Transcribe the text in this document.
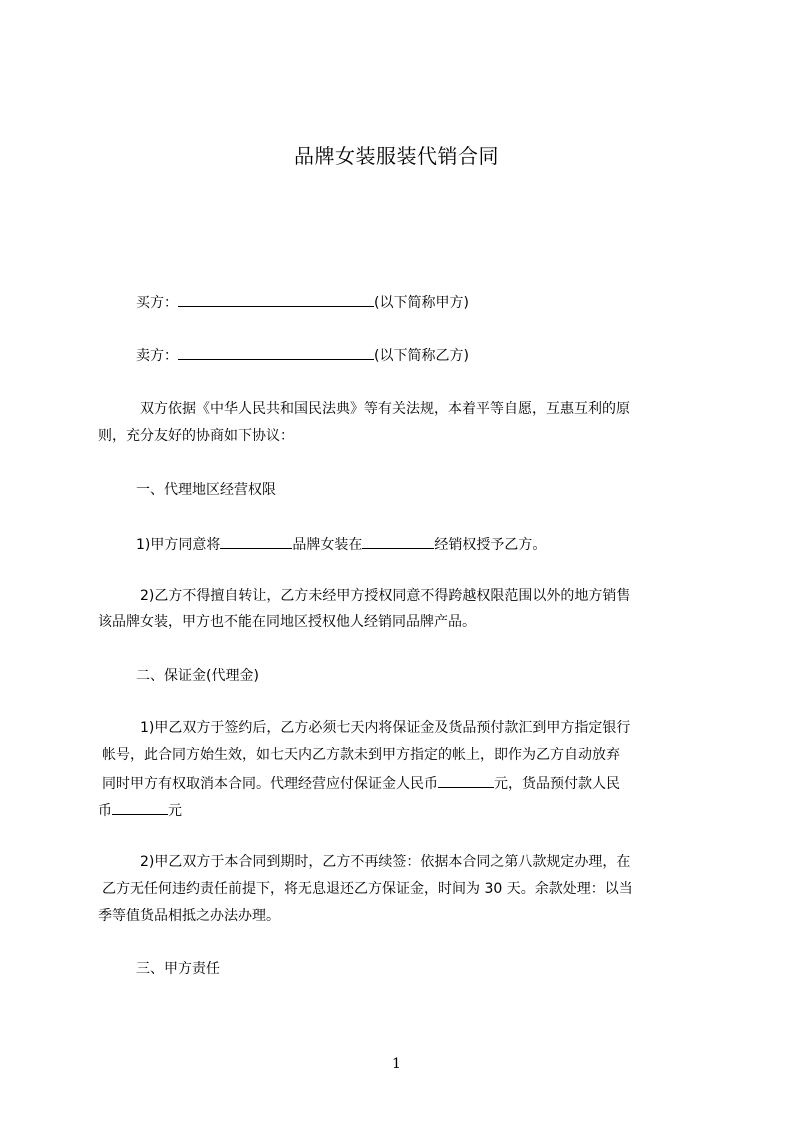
品牌女装服装代销合同
买方：	(以下简称甲方)
卖方：	(以下简称乙方)
双方依据《中华人民共和国民法典》等有关法规，本着平等自愿，互惠互利的原
则，充分友好的协商如下协议：
一、代理地区经营权限
1)甲方同意将	品牌女装在	经销权授予乙方。
2)乙方不得擅自转让，乙方未经甲方授权同意不得跨越权限范围以外的地方销售
该品牌女装，甲方也不能在同地区授权他人经销同品牌产品。
二、保证金(代理金)
1)甲乙双方于签约后，乙方必须七天内将保证金及货品预付款汇到甲方指定银行
帐号，此合同方始生效，如七天内乙方款未到甲方指定的帐上，即作为乙方自动放弃
同时甲方有权取消本合同。代理经营应付保证金人民币	元，货品预付款人民
币	元
2)甲乙双方于本合同到期时，乙方不再续签：依据本合同之第八款规定办理，在
乙方无任何违约责任前提下，将无息退还乙方保证金，时间为 30 天。余款处理：以当
季等值货品相抵之办法办理。
三、甲方责任
1
